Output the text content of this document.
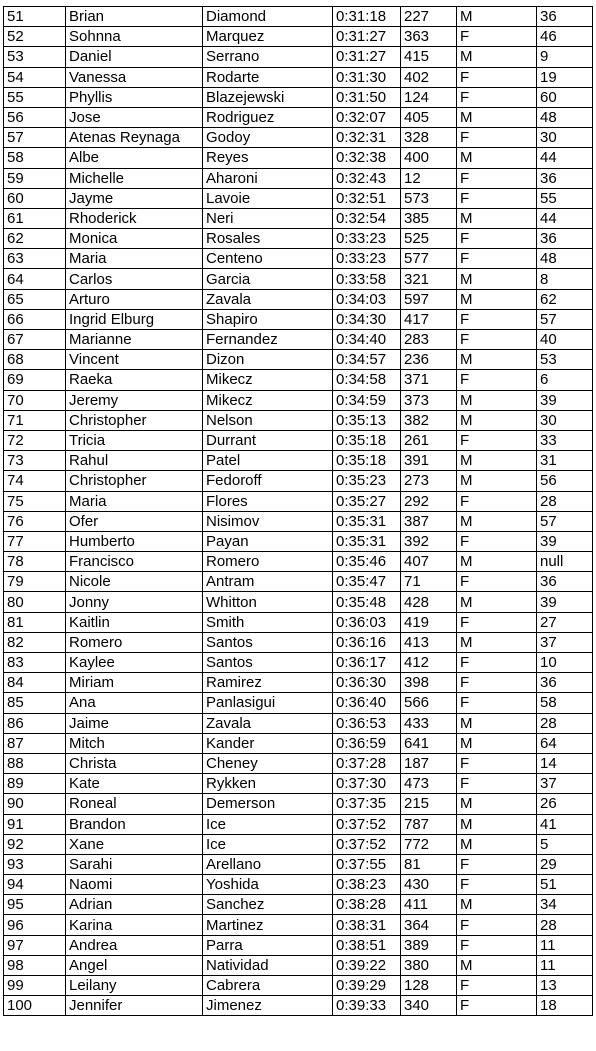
51	Brian	Diamond	0:31:18	227	M	36
52	Sohnna	Marquez	0:31:27	363	F	46
53	Daniel	Serrano	0:31:27	415	M	9
54	Vanessa	Rodarte	0:31:30	402	F	19
55	Phyllis	Blazejewski	0:31:50	124	F	60
56	Jose	Rodriguez	0:32:07	405	M	48
57	Atenas Reynaga	Godoy	0:32:31	328	F	30
58	Albe	Reyes	0:32:38	400	M	44
59	Michelle	Aharoni	0:32:43	12	F	36
60	Jayme	Lavoie	0:32:51	573	F	55
61	Rhoderick	Neri	0:32:54	385	M	44
62	Monica	Rosales	0:33:23	525	F	36
63	Maria	Centeno	0:33:23	577	F	48
64	Carlos	Garcia	0:33:58	321	M	8
65	Arturo	Zavala	0:34:03	597	M	62
66	Ingrid Elburg	Shapiro	0:34:30	417	F	57
67	Marianne	Fernandez	0:34:40	283	F	40
68	Vincent	Dizon	0:34:57	236	M	53
69	Raeka	Mikecz	0:34:58	371	F	6
70	Jeremy	Mikecz	0:34:59	373	M	39
71	Christopher	Nelson	0:35:13	382	M	30
72	Tricia	Durrant	0:35:18	261	F	33
73	Rahul	Patel	0:35:18	391	M	31
74	Christopher	Fedoroff	0:35:23	273	M	56
75	Maria	Flores	0:35:27	292	F	28
76	Ofer	Nisimov	0:35:31	387	M	57
77	Humberto	Payan	0:35:31	392	F	39
78	Francisco	Romero	0:35:46	407	M	null
79	Nicole	Antram	0:35:47	71	F	36
80	Jonny	Whitton	0:35:48	428	M	39
81	Kaitlin	Smith	0:36:03	419	F	27
82	Romero	Santos	0:36:16	413	M	37
83	Kaylee	Santos	0:36:17	412	F	10
84	Miriam	Ramirez	0:36:30	398	F	36
85	Ana	Panlasigui	0:36:40	566	F	58
86	Jaime	Zavala	0:36:53	433	M	28
87	Mitch	Kander	0:36:59	641	M	64
88	Christa	Cheney	0:37:28	187	F	14
89	Kate	Rykken	0:37:30	473	F	37
90	Roneal	Demerson	0:37:35	215	M	26
91	Brandon	Ice	0:37:52	787	M	41
92	Xane	Ice	0:37:52	772	M	5
93	Sarahi	Arellano	0:37:55	81	F	29
94	Naomi	Yoshida	0:38:23	430	F	51
95	Adrian	Sanchez	0:38:28	411	M	34
96	Karina	Martinez	0:38:31	364	F	28
97	Andrea	Parra	0:38:51	389	F	11
98	Angel	Natividad	0:39:22	380	M	11
99	Leilany	Cabrera	0:39:29	128	F	13
100	Jennifer	Jimenez	0:39:33	340	F	18
